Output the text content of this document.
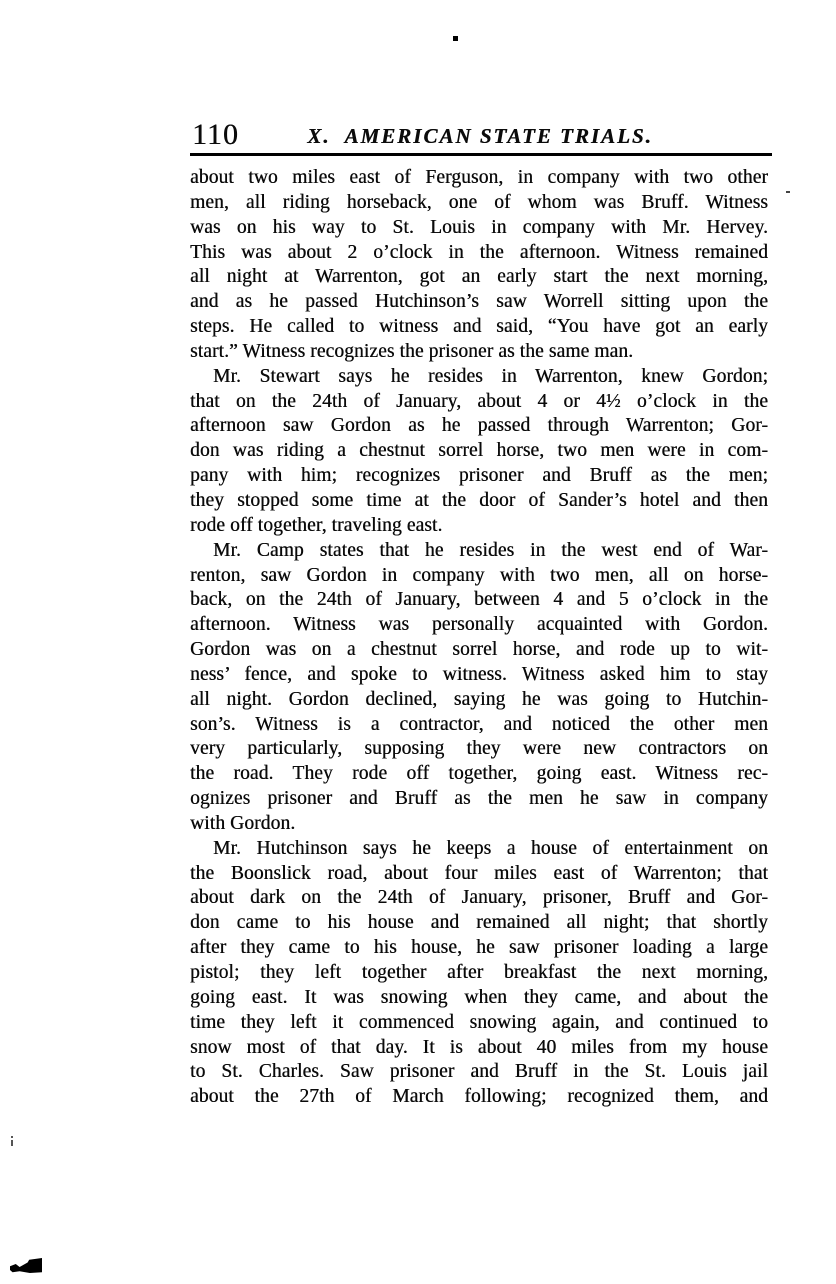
110	X. AMERICAN STATE TRIALS.
about two miles east of Ferguson, in company with two other
men, all riding horseback, one of whom was Bruff. Witness
was on his way to St. Louis in company with Mr. Hervey.
This was about 2 o’clock in the afternoon. Witness remained
all night at Warrenton, got an early start the next morning,
and as he passed Hutchinson’s saw Worrell sitting upon the
steps. He called to witness and said, “You have got an early
start.” Witness recognizes the prisoner as the same man.
Mr. Stewart says he resides in Warrenton, knew Gordon;
that on the 24th of January, about 4 or 4½ o’clock in the
afternoon saw Gordon as he passed through Warrenton; Gor-
don was riding a chestnut sorrel horse, two men were in com-
pany with him; recognizes prisoner and Bruff as the men;
they stopped some time at the door of Sander’s hotel and then
rode off together, traveling east.
Mr. Camp states that he resides in the west end of War-
renton, saw Gordon in company with two men, all on horse-
back, on the 24th of January, between 4 and 5 o’clock in the
afternoon. Witness was personally acquainted with Gordon.
Gordon was on a chestnut sorrel horse, and rode up to wit-
ness’ fence, and spoke to witness. Witness asked him to stay
all night. Gordon declined, saying he was going to Hutchin-
son’s. Witness is a contractor, and noticed the other men
very particularly, supposing they were new contractors on
the road. They rode off together, going east. Witness rec-
ognizes prisoner and Bruff as the men he saw in company
with Gordon.
Mr. Hutchinson says he keeps a house of entertainment on
the Boonslick road, about four miles east of Warrenton; that
about dark on the 24th of January, prisoner, Bruff and Gor-
don came to his house and remained all night; that shortly
after they came to his house, he saw prisoner loading a large
pistol; they left together after breakfast the next morning,
going east. It was snowing when they came, and about the
time they left it commenced snowing again, and continued to
snow most of that day. It is about 40 miles from my house
to St. Charles. Saw prisoner and Bruff in the St. Louis jail
about the 27th of March following; recognized them, and
